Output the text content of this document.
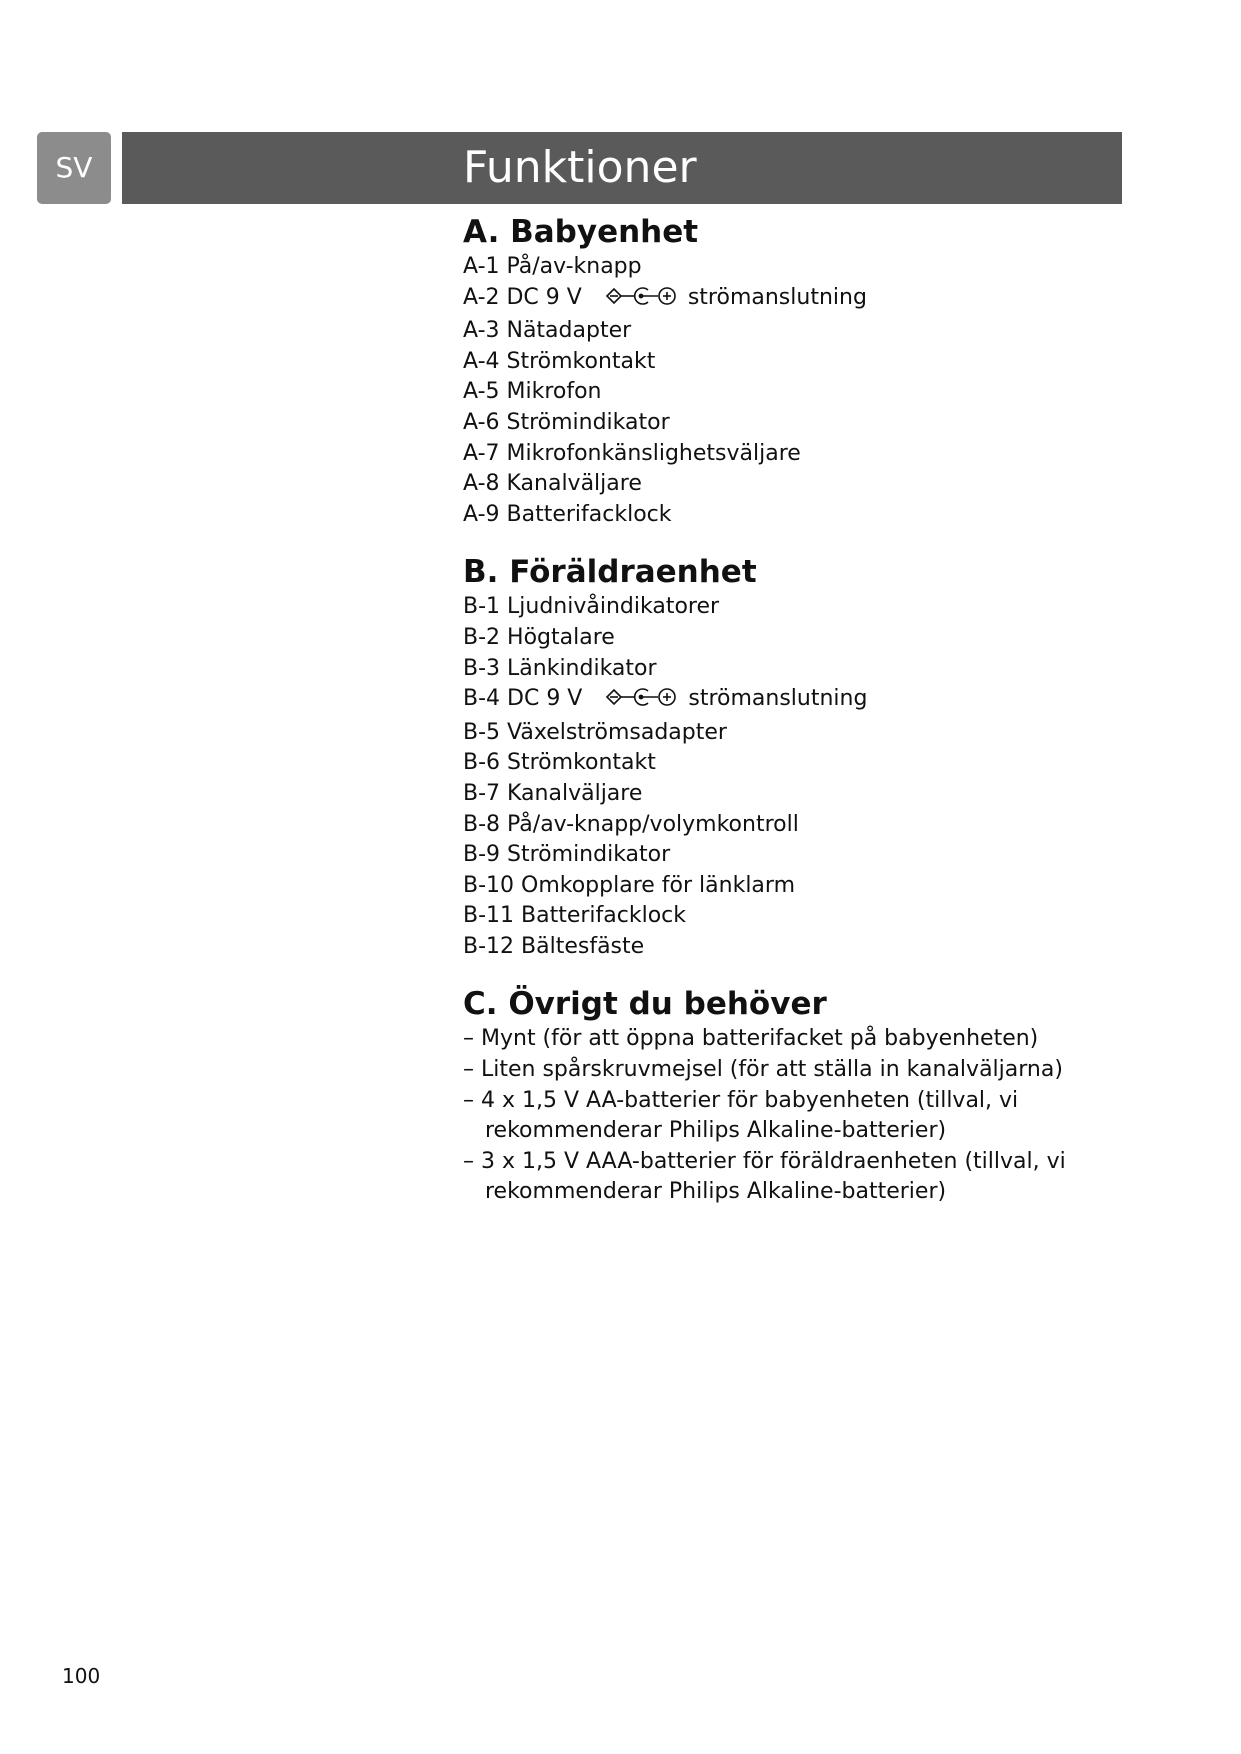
SV	Funktioner
A. Babyenhet
A-1 På/av-knapp
A-2 DC 9 V	strömanslutning
A-3 Nätadapter
A-4 Strömkontakt
A-5 Mikrofon
A-6 Strömindikator
A-7 Mikrofonkänslighetsväljare
A-8 Kanalväljare
A-9 Batterifacklock
B. Föräldraenhet
B-1 Ljudnivåindikatorer
B-2 Högtalare
B-3 Länkindikator
B-4 DC 9 V	strömanslutning
B-5 Växelströmsadapter
B-6 Strömkontakt
B-7 Kanalväljare
B-8 På/av-knapp/volymkontroll
B-9 Strömindikator
B-10 Omkopplare för länklarm
B-11 Batterifacklock
B-12 Bältesfäste
C. Övrigt du behöver
– Mynt (för att öppna batterifacket på babyenheten)
– Liten spårskruvmejsel (för att ställa in kanalväljarna)
– 4 x 1,5 V AA-batterier för babyenheten (tillval, vi rekommenderar Philips Alkaline-batterier)
– 3 x 1,5 V AAA-batterier för föräldraenheten (tillval, vi rekommenderar Philips Alkaline-batterier)
100
